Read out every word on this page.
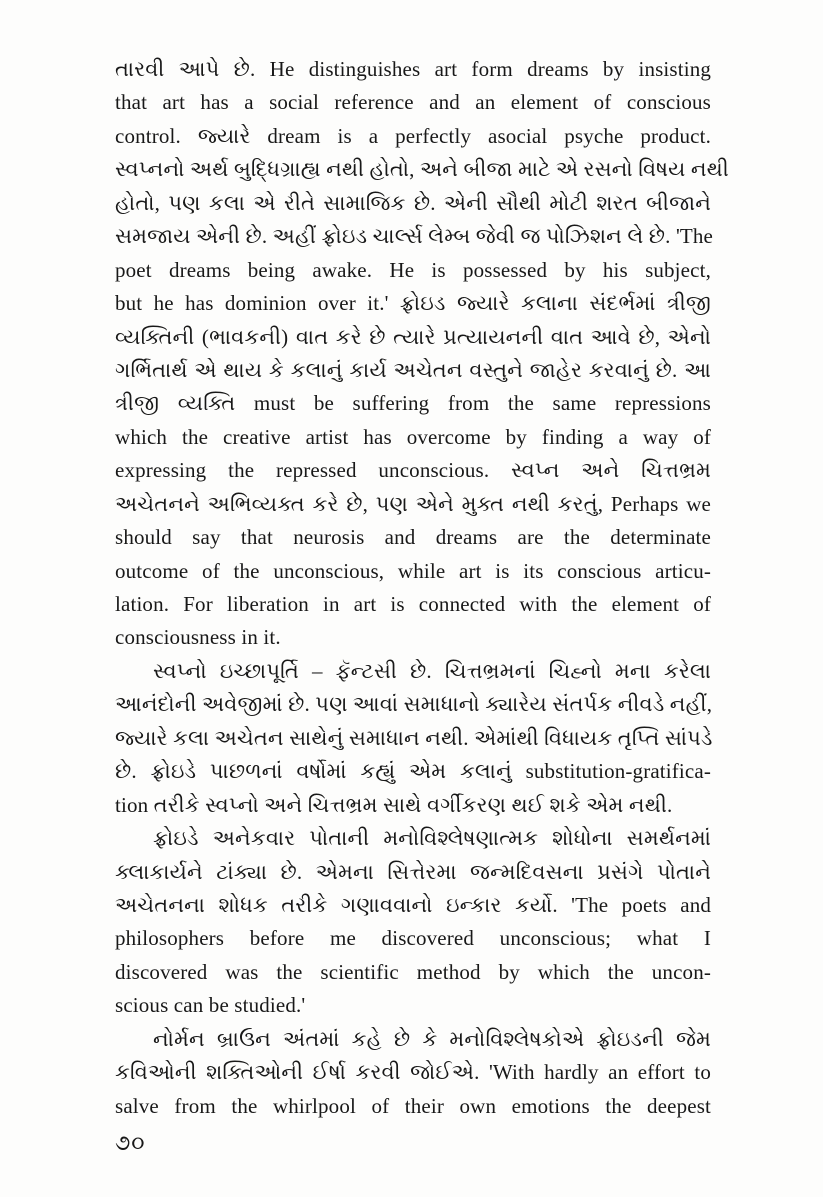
તારવી આપે છે. He distinguishes art form dreams by insisting

that art has a social reference and an element of conscious

control. જ્યારે dream is a perfectly asocial psyche product.

સ્વપ્નનો અર્થ બુદ્ધિગ્રાહ્ય નથી હોતો, અને બીજા માટે એ રસનો વિષય નથી

હોતો, પણ કલા એ રીતે સામાજિક છે. એની સૌથી મોટી શરત બીજાને

સમજાય એની છે. અહીં ફ્રોઇડ ચાર્લ્સ લેમ્બ જેવી જ પોઝિશન લે છે. 'The

poet dreams being awake. He is possessed by his subject,

but he has dominion over it.' ફ્રોઇડ જ્યારે કલાના સંદર્ભમાં ત્રીજી

વ્યક્તિની (ભાવકની) વાત કરે છે ત્યારે પ્રત્યાયનની વાત આવે છે, એનો

ગર્ભિતાર્થ એ થાય કે કલાનું કાર્ય અચેતન વસ્તુને જાહેર કરવાનું છે. આ

ત્રીજી વ્યક્તિ must be suffering from the same repressions

which the creative artist has overcome by finding a way of

expressing the repressed unconscious. સ્વપ્ન અને ચિત્તભ્રમ

અચેતનને અભિવ્યક્ત કરે છે, પણ એને મુક્ત નથી કરતું, Perhaps we

should say that neurosis and dreams are the determinate

outcome of the unconscious, while art is its conscious articu-

lation. For liberation in art is connected with the element of

consciousness in it.

સ્વપ્નો ઇચ્છાપૂર્તિ – ફૅન્ટસી છે. ચિત્તભ્રમનાં ચિહ્નો મના કરેલા

આનંદોની અવેજીમાં છે. પણ આવાં સમાધાનો ક્યારેય સંતર્પક નીવડે નહીં,

જ્યારે કલા અચેતન સાથેનું સમાધાન નથી. એમાંથી વિધાયક તૃપ્તિ સાંપડે

છે. ફ્રોઇડે પાછળનાં વર્ષોમાં કહ્યું એમ કલાનું substitution-gratifica-

tion તરીકે સ્વપ્નો અને ચિત્તભ્રમ સાથે વર્ગીકરણ થઈ શકે એમ નથી.

ફ્રોઇડે અનેકવાર પોતાની મનોવિશ્લેષણાત્મક શોધોના સમર્થનમાં

ક્લાકાર્યને ટાંક્યા છે. એમના સિત્તેરમા જન્મદિવસના પ્રસંગે પોતાને

અચેતનના શોધક તરીકે ગણાવવાનો ઇન્કાર કર્યો. 'The poets and

philosophers before me discovered unconscious; what I

discovered was the scientific method by which the uncon-

scious can be studied.'

નોર્મન બ્રાઉન અંતમાં કહે છે કે મનોવિશ્લેષકોએ ફ્રોઇડની જેમ

કવિઓની શક્તિઓની ઈર્ષા કરવી જોઈએ. 'With hardly an effort to

salve from the whirlpool of their own emotions the deepest

૭૦
